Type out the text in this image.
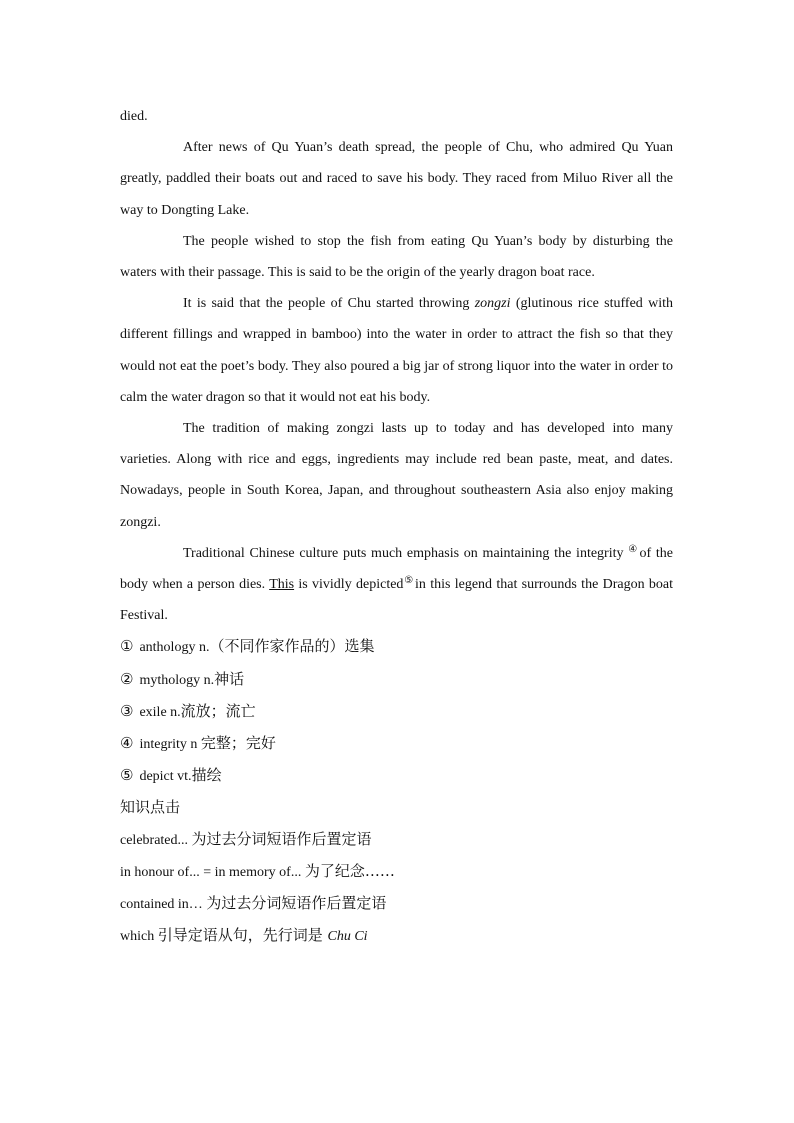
died.

After news of Qu Yuan’s death spread, the people of Chu, who admired Qu Yuan greatly, paddled their boats out and raced to save his body. They raced from Miluo River all the way to Dongting Lake.

The people wished to stop the fish from eating Qu Yuan’s body by disturbing the waters with their passage. This is said to be the origin of the yearly dragon boat race.

It is said that the people of Chu started throwing zongzi (glutinous rice stuffed with different fillings and wrapped in bamboo) into the water in order to attract the fish so that they would not eat the poet’s body. They also poured a big jar of strong liquor into the water in order to calm the water dragon so that it would not eat his body.

The tradition of making zongzi lasts up to today and has developed into many varieties. Along with rice and eggs, ingredients may include red bean paste, meat, and dates. Nowadays, people in South Korea, Japan, and throughout southeastern Asia also enjoy making zongzi.

Traditional Chinese culture puts much emphasis on maintaining the integrity ④of the body when a person dies. This is vividly depicted⑤in this legend that surrounds the Dragon boat Festival.

① anthology n.（不同作家作品的）选集

② mythology n.神话

③ exile n.流放；流亡

④ integrity n 完整；完好

⑤ depict vt.描绘

知识点击

celebrated... 为过去分词短语作后置定语

in honour of... = in memory of... 为了纪念……

contained in… 为过去分词短语作后置定语

which 引导定语从句，先行词是 Chu Ci
